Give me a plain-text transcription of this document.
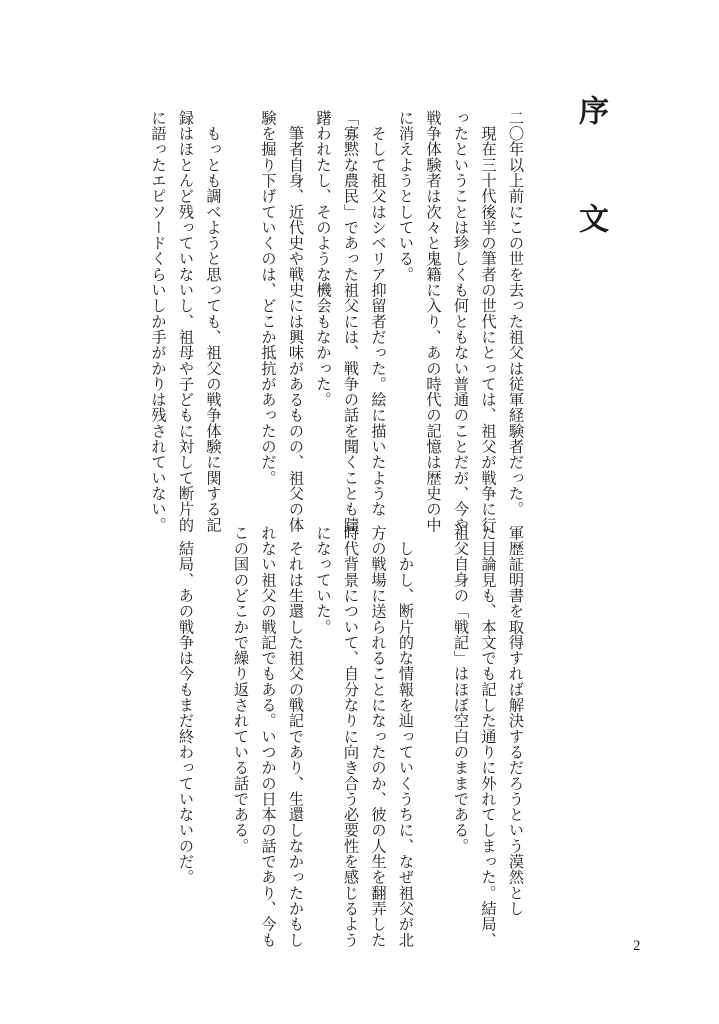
序　文
二〇年以上前にこの世を去った祖父は従軍経験者だった。
　現在三十代後半の筆者の世代にとっては、祖父が戦争に行
ったということは珍しくも何ともない普通のことだが、今や
戦争体験者は次々と鬼籍に入り、あの時代の記憶は歴史の中
に消えようとしている。
　そして祖父はシベリア抑留者だった。絵に描いたような
「寡黙な農民」であった祖父には、戦争の話を聞くことも躊
躇われたし、そのような機会もなかった。
　筆者自身、近代史や戦史には興味があるものの、祖父の体
験を掘り下げていくのは、どこか抵抗があったのだ。

　もっとも調べようと思っても、祖父の戦争体験に関する記
録はほとんど残っていないし、祖母や子どもに対して断片的
に語ったエピソードくらいしか手がかりは残されていない。
軍歴証明書を取得すれば解決するだろうという漠然とし
た目論見も、本文でも記した通りに外れてしまった。結局、
祖父自身の「戦記」はほぼ空白のままである。

　しかし、断片的な情報を辿っていくうちに、なぜ祖父が北
方の戦場に送られることになったのか、彼の人生を翻弄した
時代背景について、自分なりに向き合う必要性を感じるよう
になっていた。
　それは生還した祖父の戦記であり、生還しなかったかもし
れない祖父の戦記でもある。いつかの日本の話であり、今も
この国のどこかで繰り返されている話である。

　結局、あの戦争は今もまだ終わっていないのだ。
2
